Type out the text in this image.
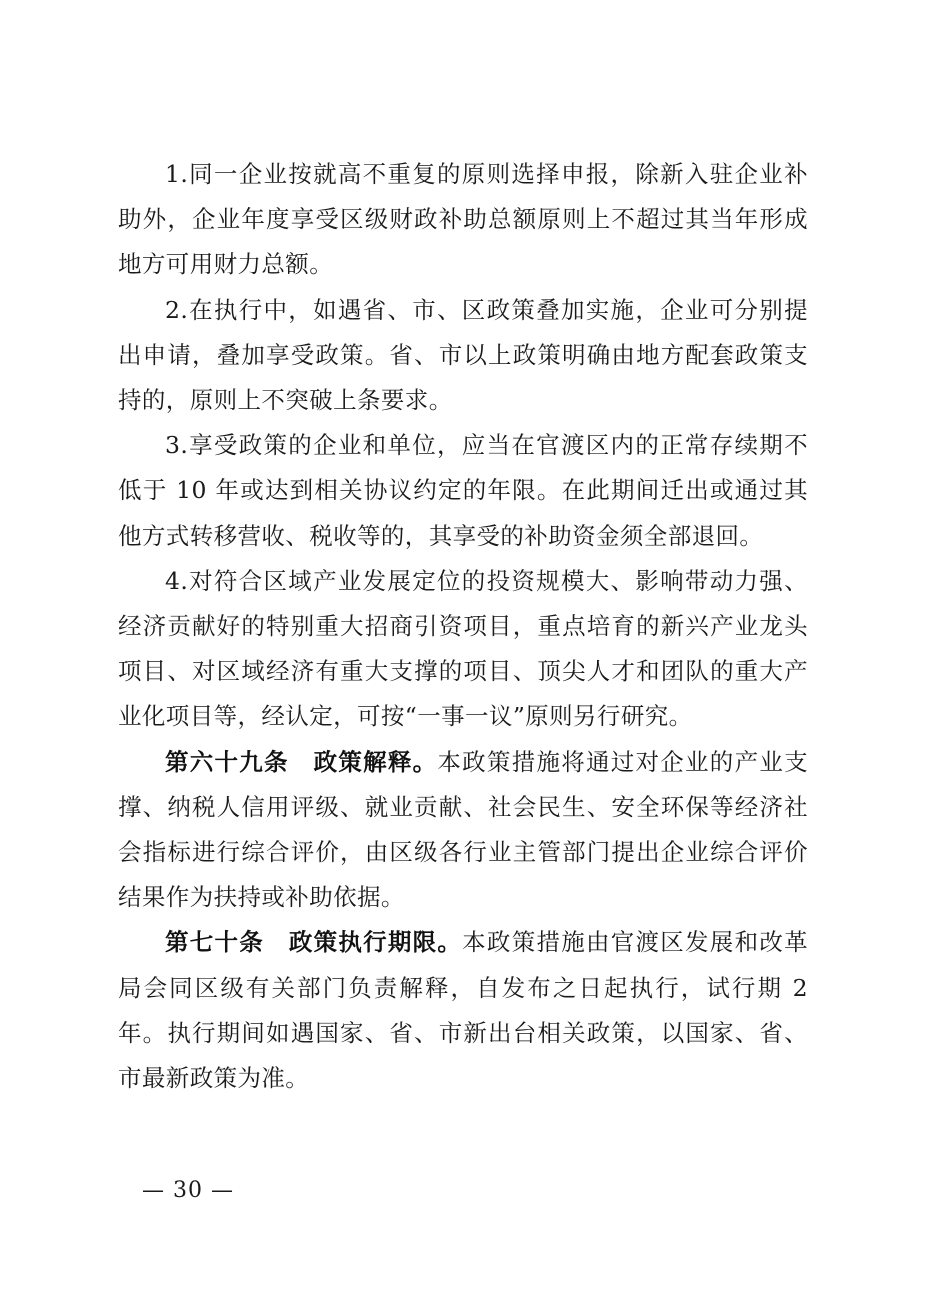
1.同一企业按就高不重复的原则选择申报，除新入驻企业补助外，企业年度享受区级财政补助总额原则上不超过其当年形成地方可用财力总额。

2.在执行中，如遇省、市、区政策叠加实施，企业可分别提出申请，叠加享受政策。省、市以上政策明确由地方配套政策支持的，原则上不突破上条要求。

3.享受政策的企业和单位，应当在官渡区内的正常存续期不低于 10 年或达到相关协议约定的年限。在此期间迁出或通过其他方式转移营收、税收等的，其享受的补助资金须全部退回。

4.对符合区域产业发展定位的投资规模大、影响带动力强、经济贡献好的特别重大招商引资项目，重点培育的新兴产业龙头项目、对区域经济有重大支撑的项目、顶尖人才和团队的重大产业化项目等，经认定，可按“一事一议”原则另行研究。

第六十九条　政策解释。本政策措施将通过对企业的产业支撑、纳税人信用评级、就业贡献、社会民生、安全环保等经济社会指标进行综合评价，由区级各行业主管部门提出企业综合评价结果作为扶持或补助依据。

第七十条　政策执行期限。本政策措施由官渡区发展和改革局会同区级有关部门负责解释，自发布之日起执行，试行期 2 年。执行期间如遇国家、省、市新出台相关政策，以国家、省、市最新政策为准。

— 30 —
